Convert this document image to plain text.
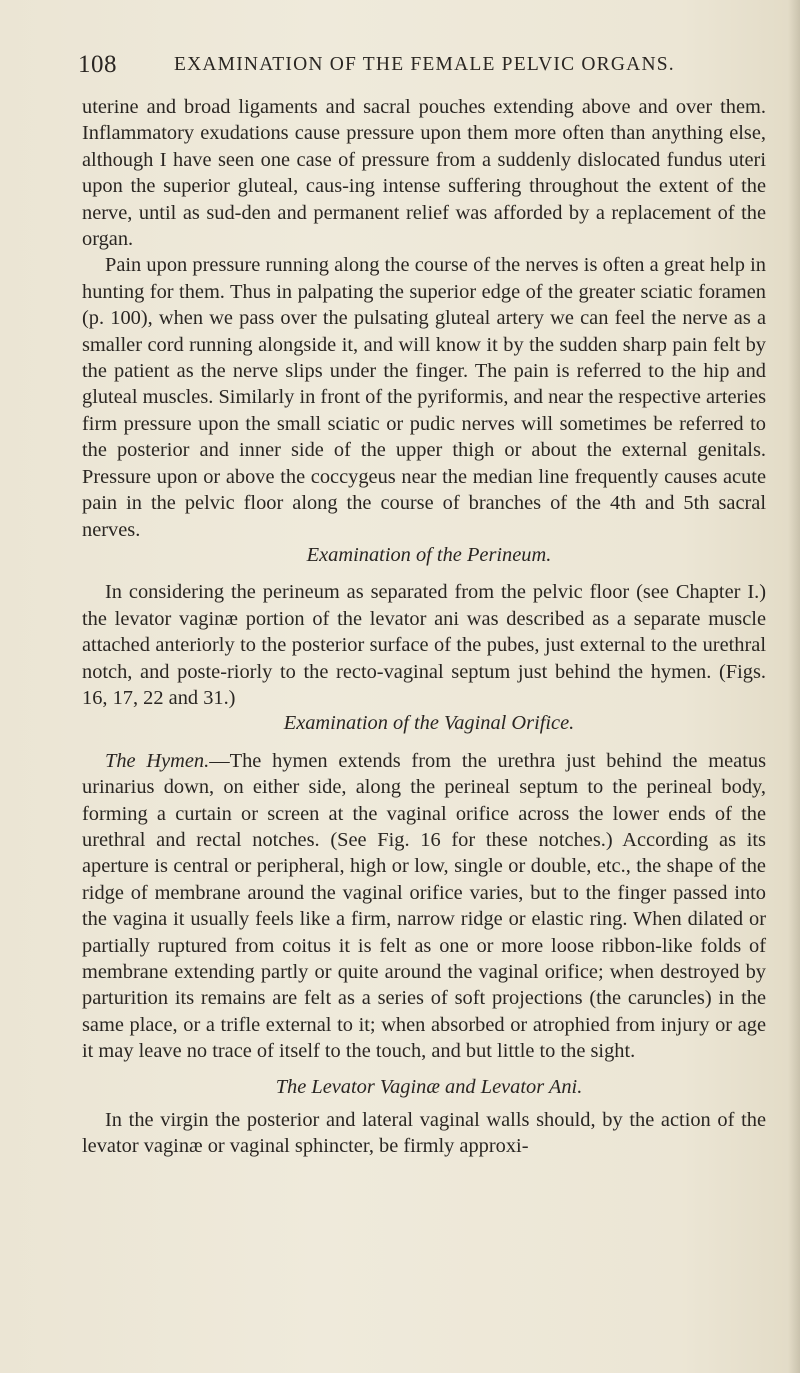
108	EXAMINATION OF THE FEMALE PELVIC ORGANS.

uterine and broad ligaments and sacral pouches extending above and over them. Inflammatory exudations cause pressure upon them more often than anything else, although I have seen one case of pressure from a suddenly dislocated fundus uteri upon the superior gluteal, caus-ing intense suffering throughout the extent of the nerve, until as sud-den and permanent relief was afforded by a replacement of the organ.

Pain upon pressure running along the course of the nerves is often a great help in hunting for them. Thus in palpating the superior edge of the greater sciatic foramen (p. 100), when we pass over the pulsating gluteal artery we can feel the nerve as a smaller cord running alongside it, and will know it by the sudden sharp pain felt by the patient as the nerve slips under the finger. The pain is referred to the hip and gluteal muscles. Similarly in front of the pyriformis, and near the respective arteries firm pressure upon the small sciatic or pudic nerves will sometimes be referred to the posterior and inner side of the upper thigh or about the external genitals. Pressure upon or above the coccygeus near the median line frequently causes acute pain in the pelvic floor along the course of branches of the 4th and 5th sacral nerves.

Examination of the Perineum.

In considering the perineum as separated from the pelvic floor (see Chapter I.) the levator vaginæ portion of the levator ani was described as a separate muscle attached anteriorly to the posterior surface of the pubes, just external to the urethral notch, and poste-riorly to the recto-vaginal septum just behind the hymen. (Figs. 16, 17, 22 and 31.)

Examination of the Vaginal Orifice.

The Hymen.—The hymen extends from the urethra just behind the meatus urinarius down, on either side, along the perineal septum to the perineal body, forming a curtain or screen at the vaginal orifice across the lower ends of the urethral and rectal notches. (See Fig. 16 for these notches.) According as its aperture is central or peripheral, high or low, single or double, etc., the shape of the ridge of membrane around the vaginal orifice varies, but to the finger passed into the vagina it usually feels like a firm, narrow ridge or elastic ring. When dilated or partially ruptured from coitus it is felt as one or more loose ribbon-like folds of membrane extending partly or quite around the vaginal orifice; when destroyed by parturition its remains are felt as a series of soft projections (the caruncles) in the same place, or a trifle external to it; when absorbed or atrophied from injury or age it may leave no trace of itself to the touch, and but little to the sight.

The Levator Vaginæ and Levator Ani.

In the virgin the posterior and lateral vaginal walls should, by the action of the levator vaginæ or vaginal sphincter, be firmly approxi-
